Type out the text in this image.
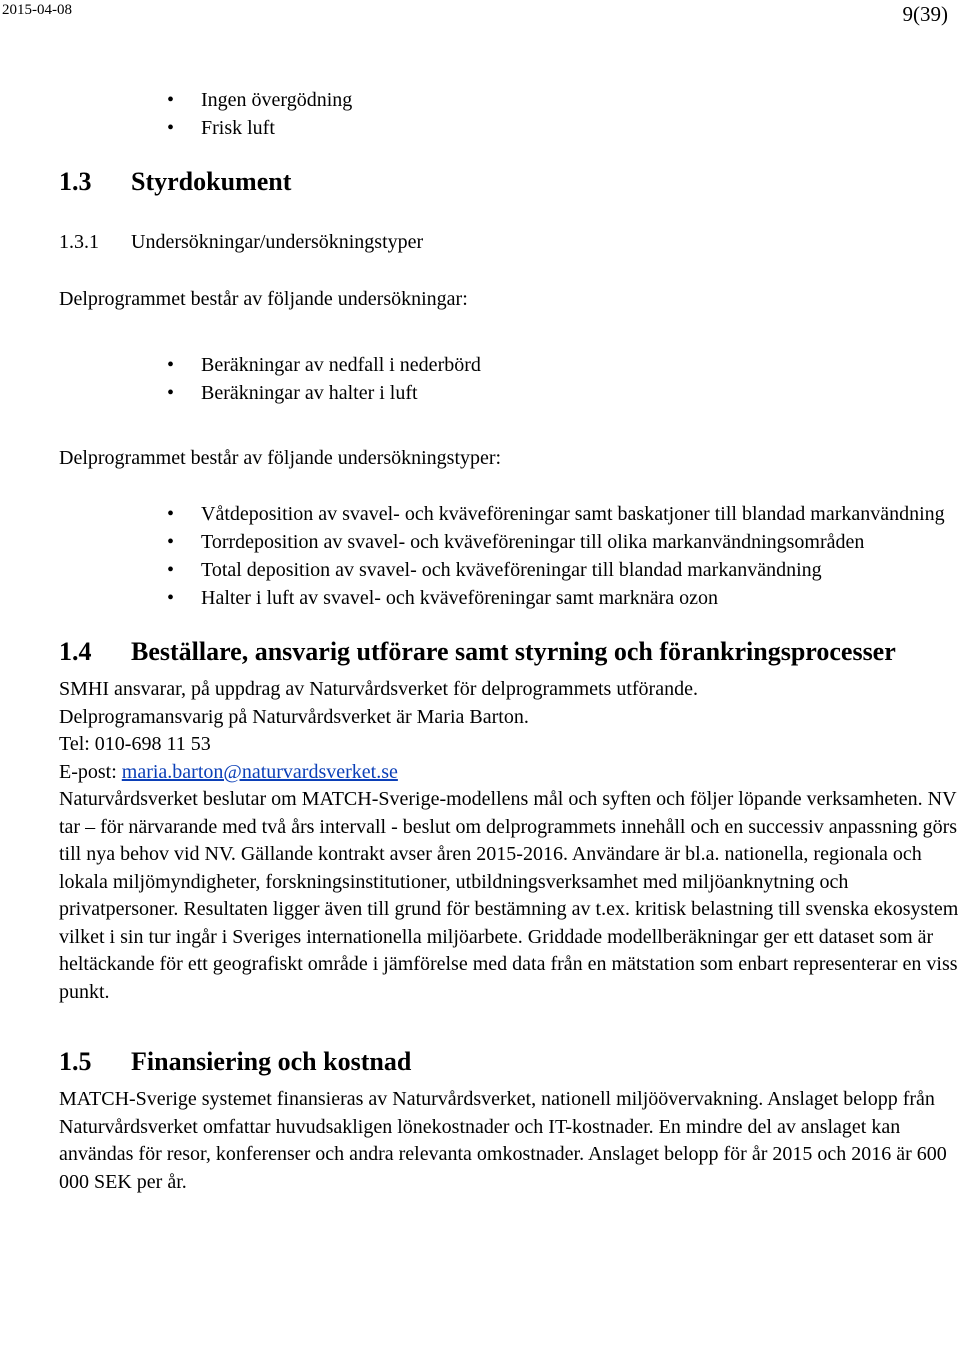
2015-04-08	9(39)
• Ingen övergödning
• Frisk luft
1.3 Styrdokument
1.3.1 Undersökningar/undersökningstyper

Delprogrammet består av följande undersökningar:

• Beräkningar av nedfall i nederbörd
• Beräkningar av halter i luft

Delprogrammet består av följande undersökningstyper:

• Våtdeposition av svavel- och kväveföreningar samt baskatjoner till blandad markanvändning
• Torrdeposition av svavel- och kväveföreningar till olika markanvändningsområden
• Total deposition av svavel- och kväveföreningar till blandad markanvändning
• Halter i luft av svavel- och kväveföreningar samt marknära ozon
1.4 Beställare, ansvarig utförare samt styrning och förankringsprocesser

SMHI ansvarar, på uppdrag av Naturvårdsverket för delprogrammets utförande.

Delprogramansvarig på Naturvårdsverket är Maria Barton.

Tel: 010-698 11 53

E-post: maria.barton@naturvardsverket.se

Naturvårdsverket beslutar om MATCH-Sverige-modellens mål och syften och följer löpande verksamheten. NV tar – för närvarande med två års intervall - beslut om delprogrammets innehåll och en successiv anpassning görs till nya behov vid NV. Gällande kontrakt avser åren 2015-2016. Användare är bl.a. nationella, regionala och lokala miljömyndigheter, forskningsinstitutioner, utbildningsverksamhet med miljöanknytning och privatpersoner. Resultaten ligger även till grund för bestämning av t.ex. kritisk belastning till svenska ekosystem vilket i sin tur ingår i Sveriges internationella miljöarbete. Griddade modellberäkningar ger ett dataset som är heltäckande för ett geografiskt område i jämförelse med data från en mätstation som enbart representerar en viss punkt.

1.5 Finansiering och kostnad

MATCH-Sverige systemet finansieras av Naturvårdsverket, nationell miljöövervakning. Anslaget belopp från Naturvårdsverket omfattar huvudsakligen lönekostnader och IT-kostnader. En mindre del av anslaget kan användas för resor, konferenser och andra relevanta omkostnader. Anslaget belopp för år 2015 och 2016 är 600 000 SEK per år.
